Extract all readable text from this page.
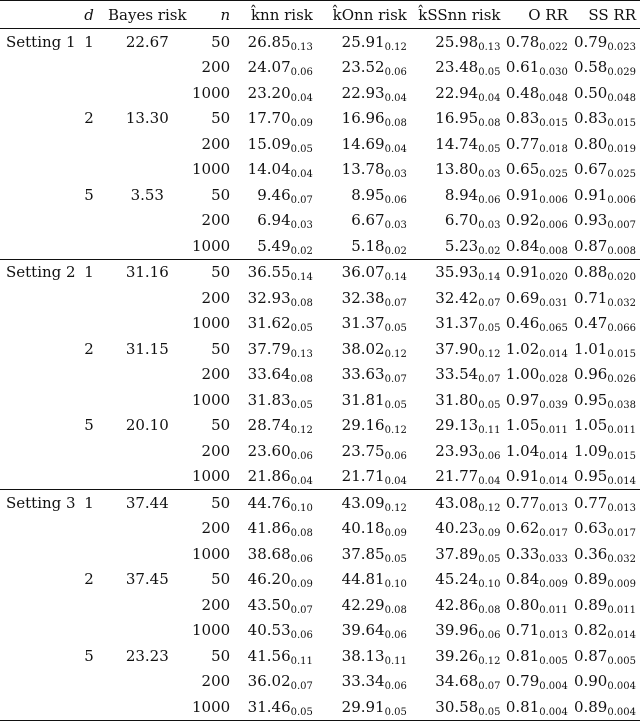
	d	Bayes risk	n	k̂nn risk	k̂Onn risk	k̂SSnn risk	O RR	SS RR
Setting 1	1	22.67	50	$26.85_{0.13}$	$25.91_{0.12}$	$25.98_{0.13}$	$0.78_{0.022}$	$0.79_{0.023}$
			200	$24.07_{0.06}$	$23.52_{0.06}$	$23.48_{0.05}$	$0.61_{0.030}$	$0.58_{0.029}$
			1000	$23.20_{0.04}$	$22.93_{0.04}$	$22.94_{0.04}$	$0.48_{0.048}$	$0.50_{0.048}$
	2	13.30	50	$17.70_{0.09}$	$16.96_{0.08}$	$16.95_{0.08}$	$0.83_{0.015}$	$0.83_{0.015}$
			200	$15.09_{0.05}$	$14.69_{0.04}$	$14.74_{0.05}$	$0.77_{0.018}$	$0.80_{0.019}$
			1000	$14.04_{0.04}$	$13.78_{0.03}$	$13.80_{0.03}$	$0.65_{0.025}$	$0.67_{0.025}$
	5	3.53	50	$9.46_{0.07}$	$8.95_{0.06}$	$8.94_{0.06}$	$0.91_{0.006}$	$0.91_{0.006}$
			200	$6.94_{0.03}$	$6.67_{0.03}$	$6.70_{0.03}$	$0.92_{0.006}$	$0.93_{0.007}$
			1000	$5.49_{0.02}$	$5.18_{0.02}$	$5.23_{0.02}$	$0.84_{0.008}$	$0.87_{0.008}$
Setting 2	1	31.16	50	$36.55_{0.14}$	$36.07_{0.14}$	$35.93_{0.14}$	$0.91_{0.020}$	$0.88_{0.020}$
			200	$32.93_{0.08}$	$32.38_{0.07}$	$32.42_{0.07}$	$0.69_{0.031}$	$0.71_{0.032}$
			1000	$31.62_{0.05}$	$31.37_{0.05}$	$31.37_{0.05}$	$0.46_{0.065}$	$0.47_{0.066}$
	2	31.15	50	$37.79_{0.13}$	$38.02_{0.12}$	$37.90_{0.12}$	$1.02_{0.014}$	$1.01_{0.015}$
			200	$33.64_{0.08}$	$33.63_{0.07}$	$33.54_{0.07}$	$1.00_{0.028}$	$0.96_{0.026}$
			1000	$31.83_{0.05}$	$31.81_{0.05}$	$31.80_{0.05}$	$0.97_{0.039}$	$0.95_{0.038}$
	5	20.10	50	$28.74_{0.12}$	$29.16_{0.12}$	$29.13_{0.11}$	$1.05_{0.011}$	$1.05_{0.011}$
			200	$23.60_{0.06}$	$23.75_{0.06}$	$23.93_{0.06}$	$1.04_{0.014}$	$1.09_{0.015}$
			1000	$21.86_{0.04}$	$21.71_{0.04}$	$21.77_{0.04}$	$0.91_{0.014}$	$0.95_{0.014}$
Setting 3	1	37.44	50	$44.76_{0.10}$	$43.09_{0.12}$	$43.08_{0.12}$	$0.77_{0.013}$	$0.77_{0.013}$
			200	$41.86_{0.08}$	$40.18_{0.09}$	$40.23_{0.09}$	$0.62_{0.017}$	$0.63_{0.017}$
			1000	$38.68_{0.06}$	$37.85_{0.05}$	$37.89_{0.05}$	$0.33_{0.033}$	$0.36_{0.032}$
	2	37.45	50	$46.20_{0.09}$	$44.81_{0.10}$	$45.24_{0.10}$	$0.84_{0.009}$	$0.89_{0.009}$
			200	$43.50_{0.07}$	$42.29_{0.08}$	$42.86_{0.08}$	$0.80_{0.011}$	$0.89_{0.011}$
			1000	$40.53_{0.06}$	$39.64_{0.06}$	$39.96_{0.06}$	$0.71_{0.013}$	$0.82_{0.014}$
	5	23.23	50	$41.56_{0.11}$	$38.13_{0.11}$	$39.26_{0.12}$	$0.81_{0.005}$	$0.87_{0.005}$
			200	$36.02_{0.07}$	$33.34_{0.06}$	$34.68_{0.07}$	$0.79_{0.004}$	$0.90_{0.004}$
			1000	$31.46_{0.05}$	$29.91_{0.05}$	$30.58_{0.05}$	$0.81_{0.004}$	$0.89_{0.004}$
